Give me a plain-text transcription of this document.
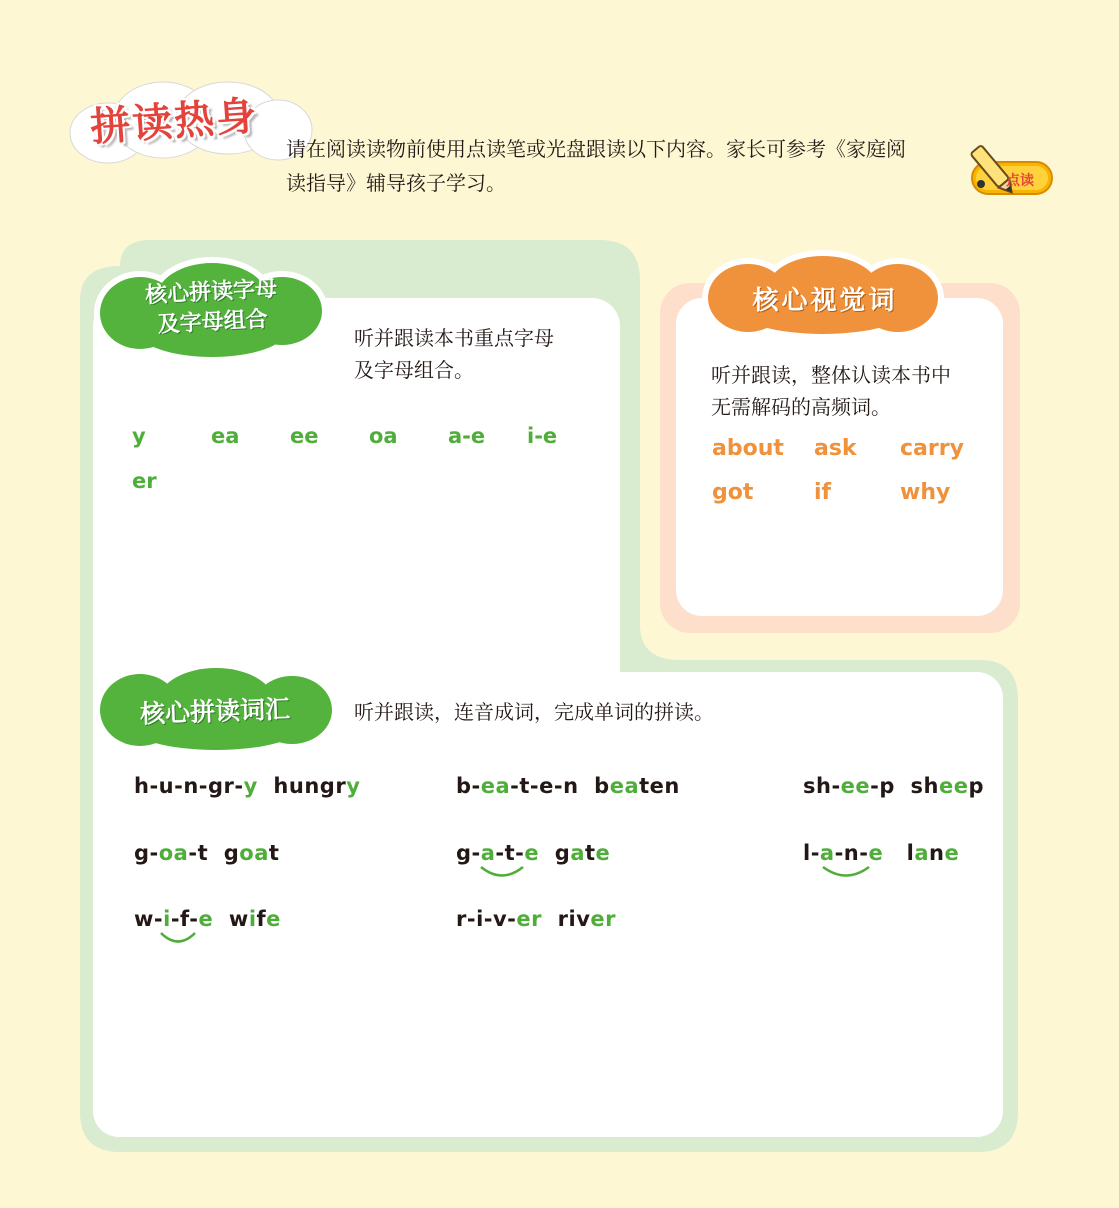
拼读热身 请在阅读读物前使用点读笔或光盘跟读以下内容。家长可参考《家庭阅
读指导》辅导孩子学习。	点读
核心拼读字母
及字母组合
听并跟读本书重点字母
及字母组合。
y	ea ee oa a-e i-e
er
核心视觉词
听并跟读，整体认读本书中
无需解码的高频词。
about ask carry
got	if	why
核心拼读词汇	听并跟读，连音成词，完成单词的拼读。
h-u-n-gr-y  hungry	b-ea-t-e-n  beaten	sh-ee-p  sheep
g-oa-t  goat	g-a-t-e  gate	l-a-n-e   lane
w-i-f-e  wife	r-i-v-er  river
